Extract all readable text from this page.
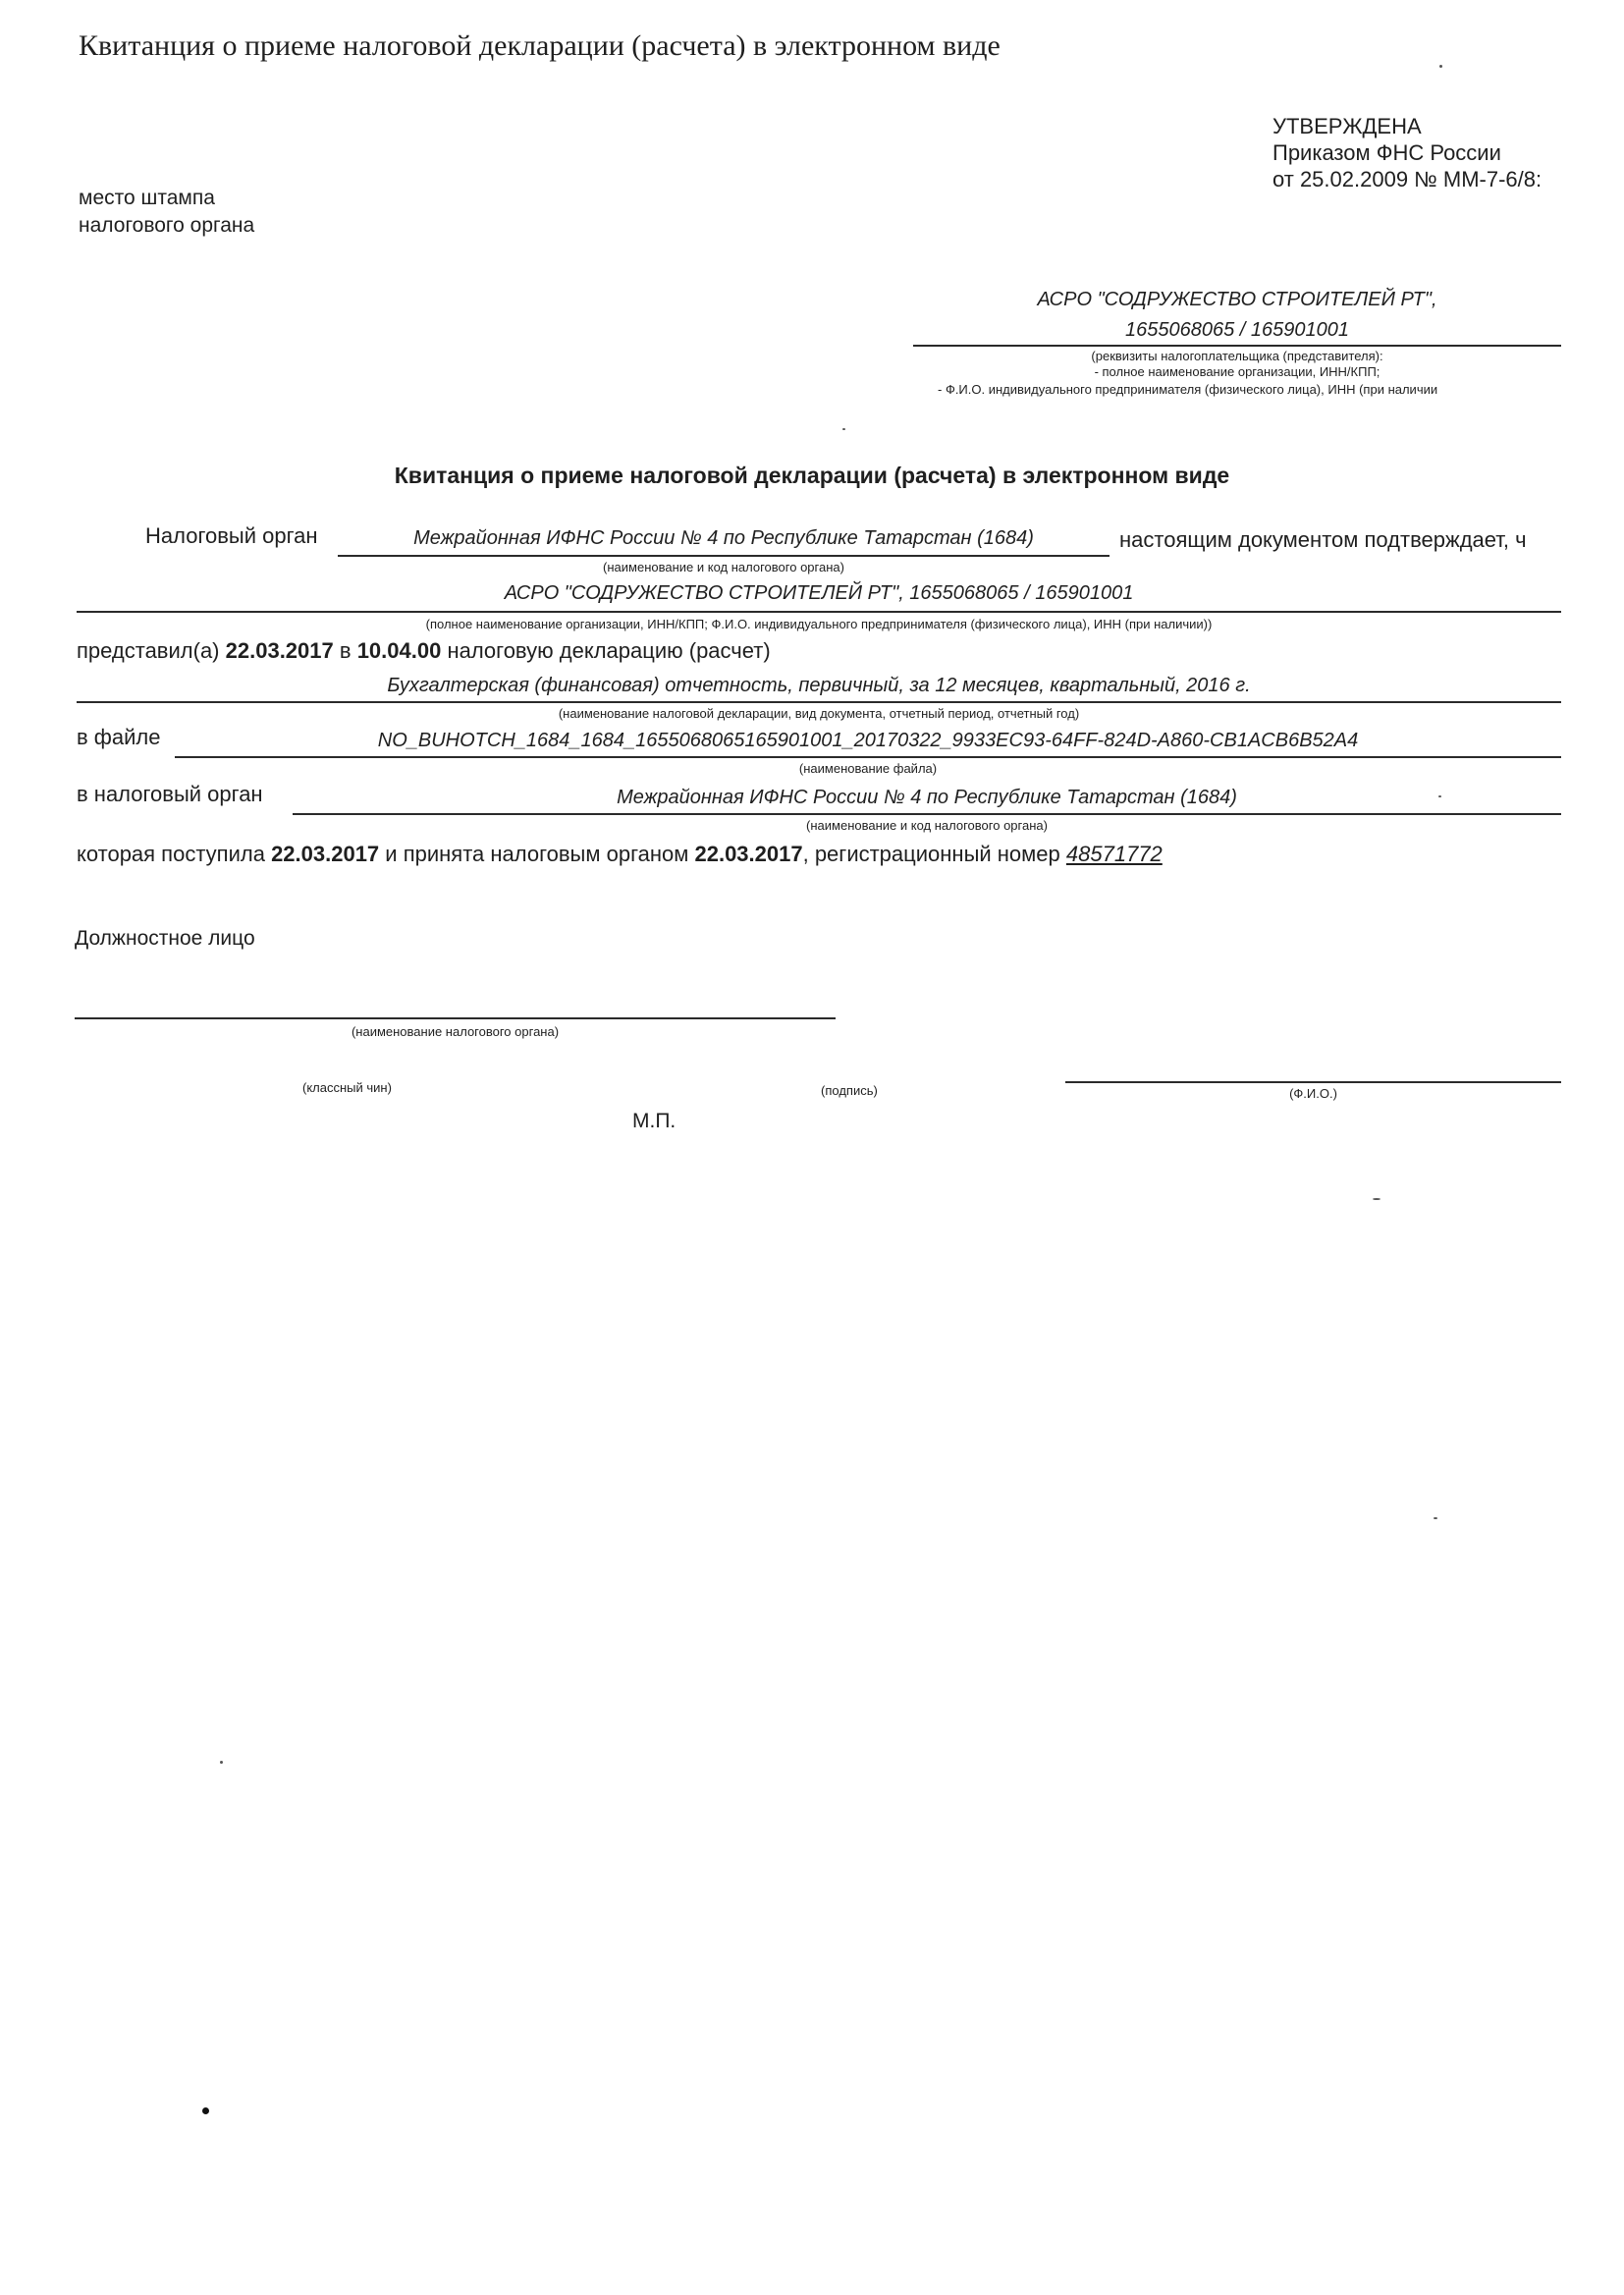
Квитанция о приеме налоговой декларации (расчета) в электронном виде
УТВЕРЖДЕНА
Приказом ФНС России
от 25.02.2009 № ММ-7-6/8:
место штампа
налогового органа
АСРО "СОДРУЖЕСТВО СТРОИТЕЛЕЙ РТ",
1655068065 / 165901001
(реквизиты налогоплательщика (представителя):
- полное наименование организации, ИНН/КПП;
- Ф.И.О. индивидуального предпринимателя (физического лица), ИНН (при наличии
Квитанция о приеме налоговой декларации (расчета) в электронном виде
Налоговый орган	Межрайонная ИФНС России № 4 по Республике Татарстан (1684)	настоящим документом подтверждает, ч
(наименование и код налогового органа)
АСРО "СОДРУЖЕСТВО СТРОИТЕЛЕЙ РТ", 1655068065 / 165901001
(полное наименование организации, ИНН/КПП; Ф.И.О. индивидуального предпринимателя (физического лица), ИНН (при наличии))
представил(а) 22.03.2017 в 10.04.00 налоговую декларацию (расчет)
Бухгалтерская (финансовая) отчетность, первичный, за 12 месяцев, квартальный, 2016 г.
(наименование налоговой декларации, вид документа, отчетный период, отчетный год)
в файле	NO_BUHOTCH_1684_1684_1655068065165901001_20170322_9933EC93-64FF-824D-A860-CB1ACB6B52A4
(наименование файла)
в налоговый орган	Межрайонная ИФНС России № 4 по Республике Татарстан (1684)
(наименование и код налогового органа)
которая поступила 22.03.2017 и принята налоговым органом 22.03.2017, регистрационный номер 48571772
Должностное лицо
(наименование налогового органа)
(классный чин)	(подпись)	(Ф.И.О.)
М.П.
